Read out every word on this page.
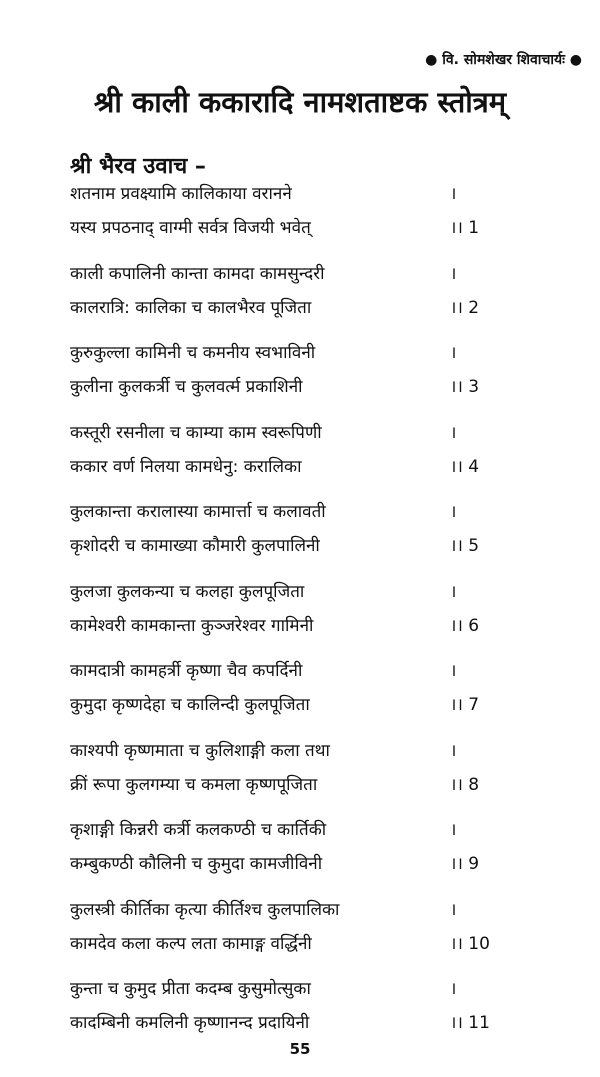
● वि. सोमशेखर शिवाचार्यः ●
श्री काली ककारादि नामशताष्टक स्तोत्रम्
श्री भैरव उवाच –
शतनाम प्रवक्ष्यामि कालिकाया वरानने	।
यस्य प्रपठनाद् वाग्मी सर्वत्र विजयी भवेत्	।। 1
काली कपालिनी कान्ता कामदा कामसुन्दरी	।
कालरात्रि: कालिका च कालभैरव पूजिता	।। 2
कुरुकुल्ला कामिनी च कमनीय स्वभाविनी	।
कुलीना कुलकर्त्री च कुलवर्त्म प्रकाशिनी	।। 3
कस्तूरी रसनीला च काम्या काम स्वरूपिणी	।
ककार वर्ण निलया कामधेनु: करालिका	।। 4
कुलकान्ता करालास्या कामार्त्ता च कलावती	।
कृशोदरी च कामाख्या कौमारी कुलपालिनी	।। 5
कुलजा कुलकन्या च कलहा कुलपूजिता	।
कामेश्वरी कामकान्ता कुञ्जरेश्वर गामिनी	।। 6
कामदात्री कामहर्त्री कृष्णा चैव कपर्दिनी	।
कुमुदा कृष्णदेहा च कालिन्दी कुलपूजिता	।। 7
काश्यपी कृष्णमाता च कुलिशाङ्गी कला तथा	।
क्रीं रूपा कुलगम्या च कमला कृष्णपूजिता	।। 8
कृशाङ्गी किन्नरी कर्त्री कलकण्ठी च कार्तिकी	।
कम्बुकण्ठी कौलिनी च कुमुदा कामजीविनी	।। 9
कुलस्त्री कीर्तिका कृत्या कीर्तिश्च कुलपालिका	।
कामदेव कला कल्प लता कामाङ्ग वर्द्धिनी	।। 10
कुन्ता च कुमुद प्रीता कदम्ब कुसुमोत्सुका	।
कादम्बिनी कमलिनी कृष्णानन्द प्रदायिनी	।। 11
55
